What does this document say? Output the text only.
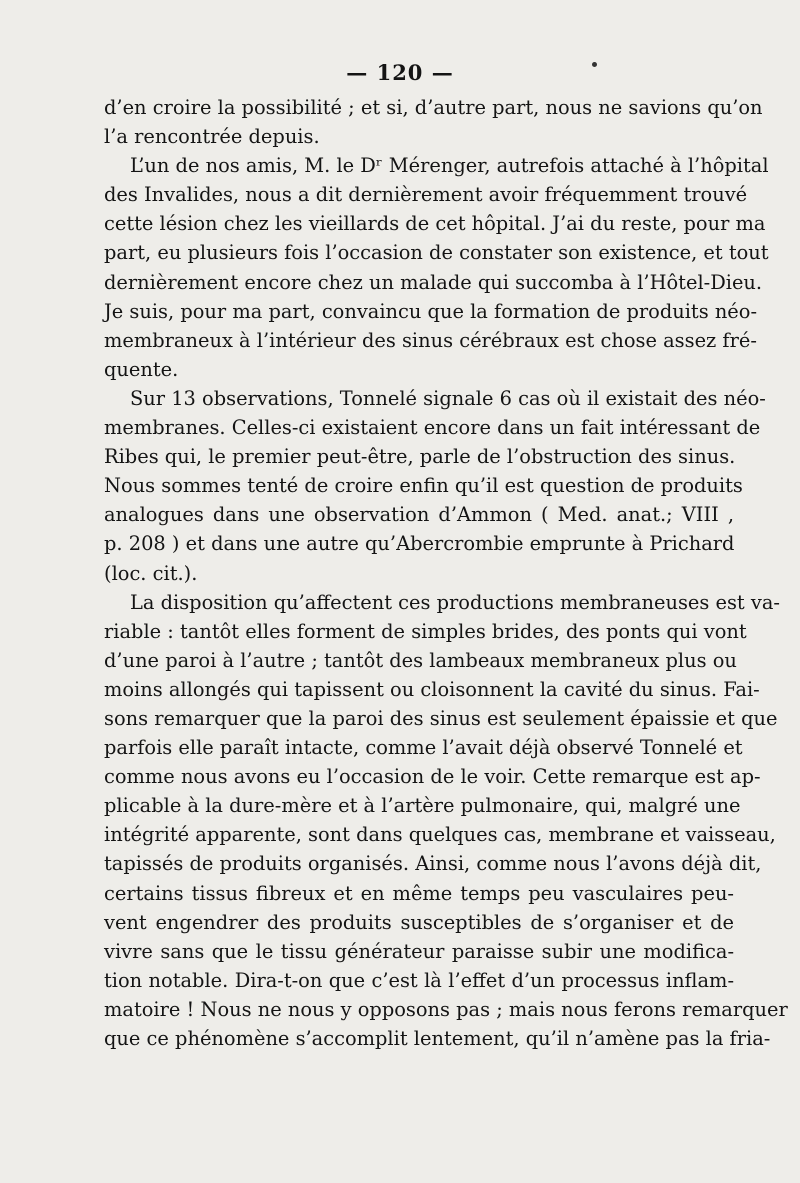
— 120 —
d’en croire la possibilité ; et si, d’autre part, nous ne savions qu’on
l’a rencontrée depuis.
L’un de nos amis, M. le Dʳ Mérenger, autrefois attaché à l’hôpital
des Invalides, nous a dit dernièrement avoir fréquemment trouvé
cette lésion chez les vieillards de cet hôpital. J’ai du reste, pour ma
part, eu plusieurs fois l’occasion de constater son existence, et tout
dernièrement encore chez un malade qui succomba à l’Hôtel-Dieu.
Je suis, pour ma part, convaincu que la formation de produits néo-
membraneux à l’intérieur des sinus cérébraux est chose assez fré-
quente.
Sur 13 observations, Tonnelé signale 6 cas où il existait des néo-
membranes. Celles-ci existaient encore dans un fait intéressant de
Ribes qui, le premier peut-être, parle de l’obstruction des sinus.
Nous sommes tenté de croire enfin qu’il est question de produits
analogues dans une observation d’Ammon ( Med. anat.; VIII ,
p. 208 ) et dans une autre qu’Abercrombie emprunte à Prichard
(loc. cit.).
La disposition qu’affectent ces productions membraneuses est va-
riable : tantôt elles forment de simples brides, des ponts qui vont
d’une paroi à l’autre ; tantôt des lambeaux membraneux plus ou
moins allongés qui tapissent ou cloisonnent la cavité du sinus. Fai-
sons remarquer que la paroi des sinus est seulement épaissie et que
parfois elle paraît intacte, comme l’avait déjà observé Tonnelé et
comme nous avons eu l’occasion de le voir. Cette remarque est ap-
plicable à la dure-mère et à l’artère pulmonaire, qui, malgré une
intégrité apparente, sont dans quelques cas, membrane et vaisseau,
tapissés de produits organisés. Ainsi, comme nous l’avons déjà dit,
certains tissus fibreux et en même temps peu vasculaires peu-
vent engendrer des produits susceptibles de s’organiser et de
vivre sans que le tissu générateur paraisse subir une modifica-
tion notable. Dira-t-on que c’est là l’effet d’un processus inflam-
matoire ! Nous ne nous y opposons pas ; mais nous ferons remarquer
que ce phénomène s’accomplit lentement, qu’il n’amène pas la fria-
